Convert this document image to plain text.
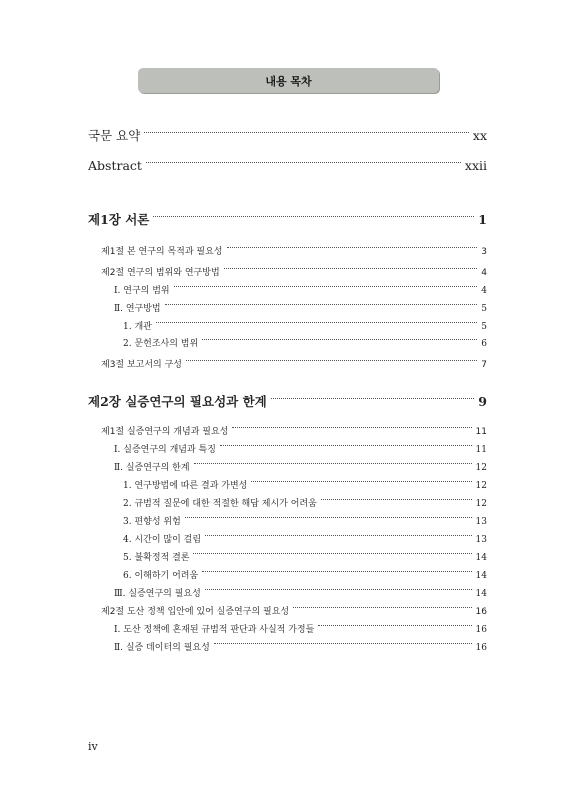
내용 목차
국문 요약	xx
Abstract	xxii
제1장 서론	1
제1절 본 연구의 목적과 필요성	3
제2절 연구의 범위와 연구방법	4
Ⅰ. 연구의 범위	4
Ⅱ. 연구방법	5
1. 개관	5
2. 문헌조사의 범위	6
제3절 보고서의 구성	7
제2장 실증연구의 필요성과 한계	9
제1절 실증연구의 개념과 필요성	11
Ⅰ. 실증연구의 개념과 특징	11
Ⅱ. 실증연구의 한계	12
1. 연구방법에 따른 결과 가변성	12
2. 규범적 질문에 대한 적절한 해답 제시가 어려움	12
3. 편향성 위험	13
4. 시간이 많이 걸림	13
5. 불확정적 결론	14
6. 이해하기 어려움	14
Ⅲ. 실증연구의 필요성	14
제2절 도산 정책 입안에 있어 실증연구의 필요성	16
Ⅰ. 도산 정책에 혼재된 규범적 판단과 사실적 가정들	16
Ⅱ. 실증 데이터의 필요성	16
iv
